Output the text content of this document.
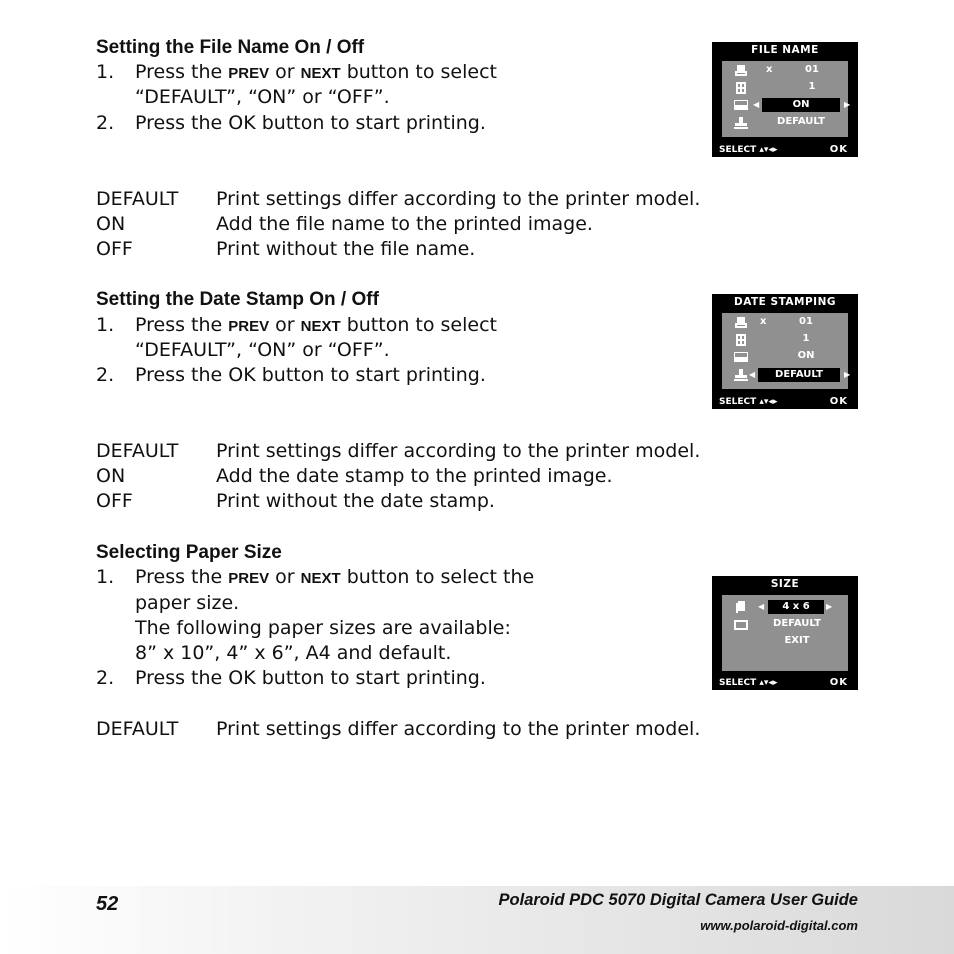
Setting the File Name On / Off
1. Press the PREV or NEXT button to select
“DEFAULT”, “ON” or “OFF”.
2. Press the OK button to start printing.
DEFAULT Print settings differ according to the printer model.
ON	Add the file name to the printed image.
OFF	Print without the file name.
FILE NAME
x	01
1
◀	ON	▶
DEFAULT
SELECT ▴▾◂▸	OK
Setting the Date Stamp On / Off
1. Press the PREV or NEXT button to select
“DEFAULT”, “ON” or “OFF”.
2. Press the OK button to start printing.
DEFAULT Print settings differ according to the printer model.
ON	Add the date stamp to the printed image.
OFF	Print without the date stamp.
DATE STAMPING
x	01
1
ON
◀	DEFAULT	▶
SELECT ▴▾◂▸	OK
Selecting Paper Size
1. Press the PREV or NEXT button to select the
paper size.
The following paper sizes are available:
8” x 10”, 4” x 6”, A4 and default.
2. Press the OK button to start printing.
DEFAULT Print settings differ according to the printer model.
SIZE
◀	4 x 6	▶
DEFAULT
EXIT
SELECT ▴▾◂▸	OK
52	Polaroid PDC 5070 Digital Camera User Guide
www.polaroid-digital.com
